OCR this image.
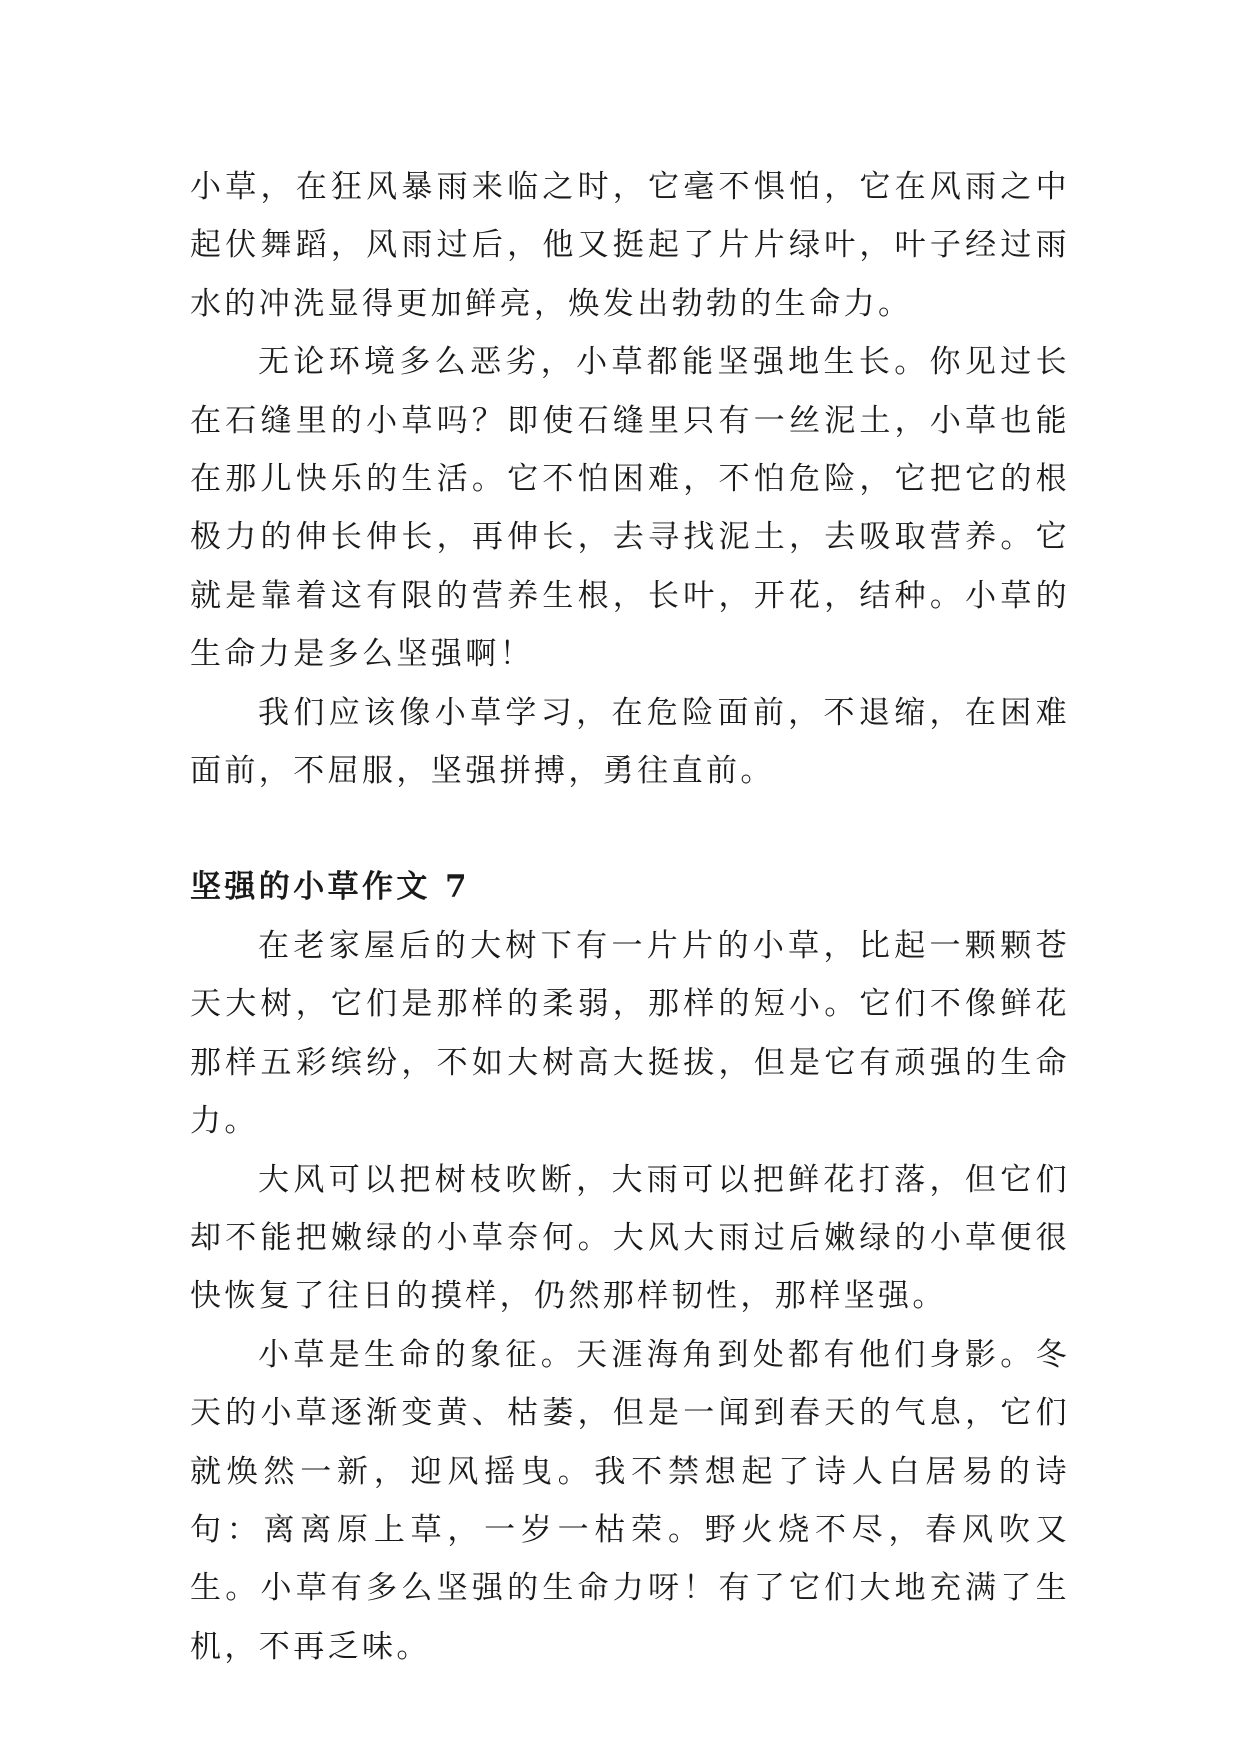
小草，在狂风暴雨来临之时，它毫不惧怕，它在风雨之中起伏舞蹈，风雨过后，他又挺起了片片绿叶，叶子经过雨水的冲洗显得更加鲜亮，焕发出勃勃的生命力。

无论环境多么恶劣，小草都能坚强地生长。你见过长在石缝里的小草吗？即使石缝里只有一丝泥土，小草也能在那儿快乐的生活。它不怕困难，不怕危险，它把它的根极力的伸长伸长，再伸长，去寻找泥土，去吸取营养。它就是靠着这有限的营养生根，长叶，开花，结种。小草的生命力是多么坚强啊！

我们应该像小草学习，在危险面前，不退缩，在困难面前，不屈服，坚强拼搏，勇往直前。

坚强的小草作文 7

在老家屋后的大树下有一片片的小草，比起一颗颗苍天大树，它们是那样的柔弱，那样的短小。它们不像鲜花那样五彩缤纷，不如大树高大挺拔，但是它有顽强的生命力。

大风可以把树枝吹断，大雨可以把鲜花打落，但它们却不能把嫩绿的小草奈何。大风大雨过后嫩绿的小草便很快恢复了往日的摸样，仍然那样韧性，那样坚强。

小草是生命的象征。天涯海角到处都有他们身影。冬天的小草逐渐变黄、枯萎，但是一闻到春天的气息，它们就焕然一新，迎风摇曳。我不禁想起了诗人白居易的诗句：离离原上草，一岁一枯荣。野火烧不尽，春风吹又生。小草有多么坚强的生命力呀！有了它们大地充满了生机，不再乏味。
